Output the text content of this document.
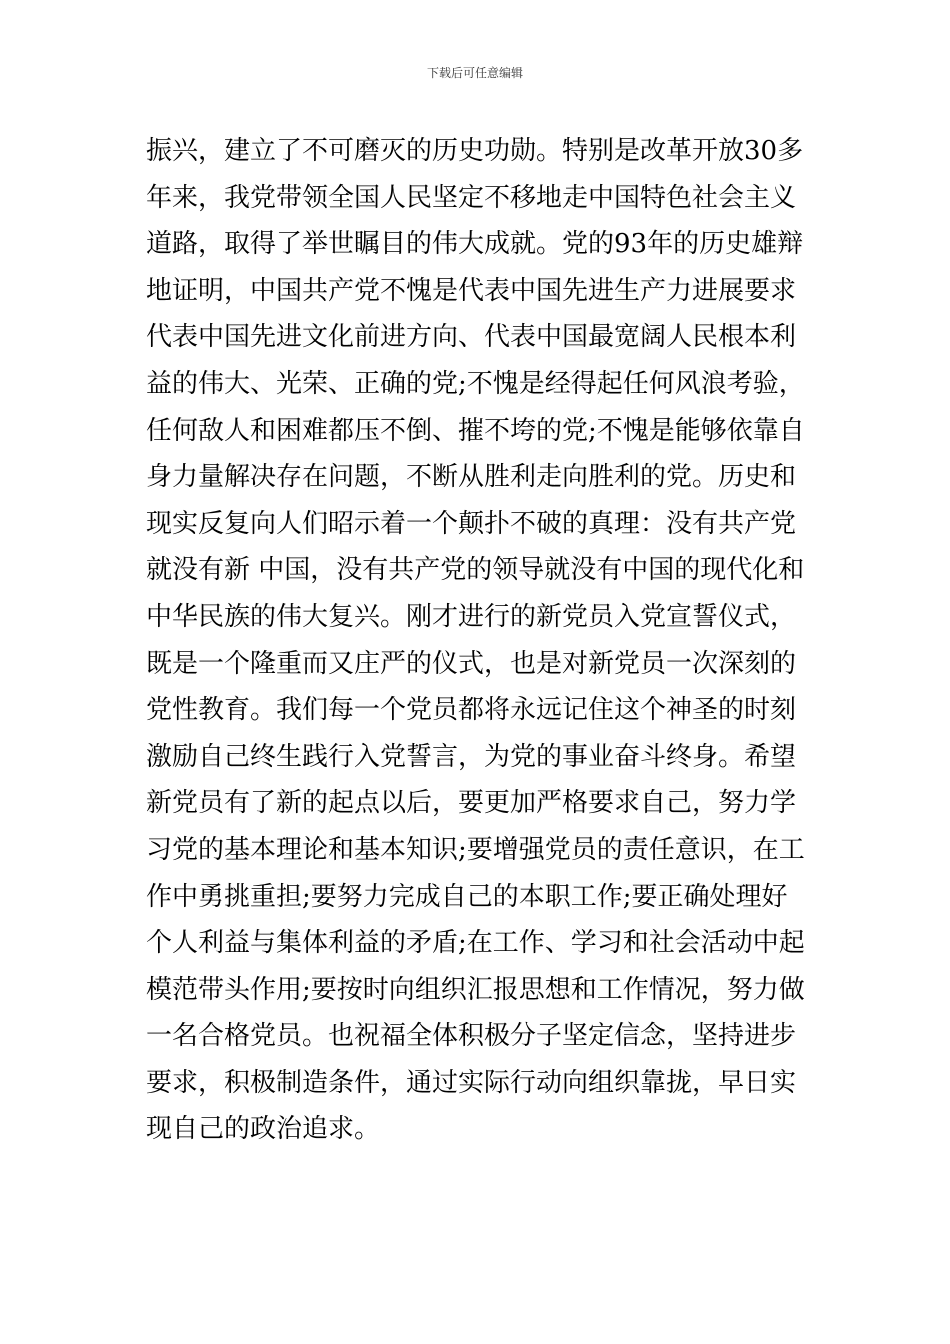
下载后可任意编辑
振兴，建立了不可磨灭的历史功勋。特别是改革开放30多
年来，我党带领全国人民坚定不移地走中国特色社会主义
道路，取得了举世瞩目的伟大成就。党的93年的历史雄辩
地证明，中国共产党不愧是代表中国先进生产力进展要求
代表中国先进文化前进方向、代表中国最宽阔人民根本利
益的伟大、光荣、正确的党;不愧是经得起任何风浪考验，
任何敌人和困难都压不倒、摧不垮的党;不愧是能够依靠自
身力量解决存在问题，不断从胜利走向胜利的党。历史和
现实反复向人们昭示着一个颠扑不破的真理：没有共产党
就没有新 中国，没有共产党的领导就没有中国的现代化和
中华民族的伟大复兴。刚才进行的新党员入党宣誓仪式，
既是一个隆重而又庄严的仪式，也是对新党员一次深刻的
党性教育。我们每一个党员都将永远记住这个神圣的时刻
激励自己终生践行入党誓言，为党的事业奋斗终身。希望
新党员有了新的起点以后，要更加严格要求自己，努力学
习党的基本理论和基本知识;要增强党员的责任意识，在工
作中勇挑重担;要努力完成自己的本职工作;要正确处理好
个人利益与集体利益的矛盾;在工作、学习和社会活动中起
模范带头作用;要按时向组织汇报思想和工作情况，努力做
一名合格党员。也祝福全体积极分子坚定信念，坚持进步
要求，积极制造条件，通过实际行动向组织靠拢，早日实
现自己的政治追求。
